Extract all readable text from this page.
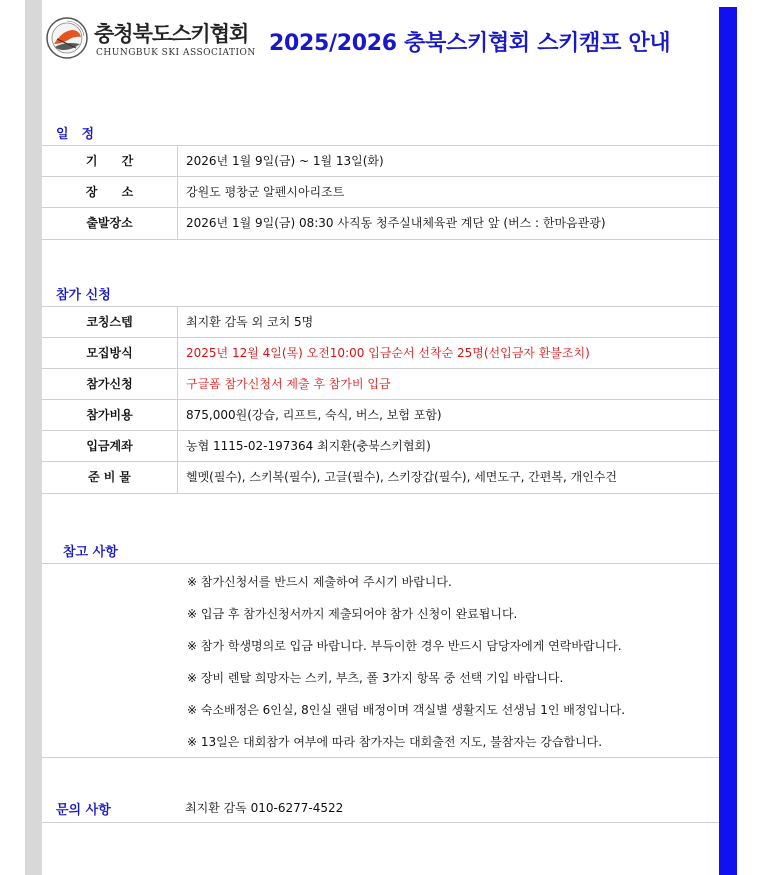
충청북도스키협회
CHUNGBUK SKI ASSOCIATION 2025/2026 충북스키협회 스키캠프 안내
일　정
기 간	2026년 1월 9일(금) ~ 1월 13일(화)
장 소	강원도 평창군 알펜시아리조트
출발장소	2026년 1월 9일(금) 08:30 사직동 청주실내체육관 계단 앞 (버스 : 한마음관광)
참가 신청
코칭스텝	최지환 감독 외 코치 5명
모집방식	2025년 12월 4일(목) 오전10:00 입금순서 선착순 25명(선입금자 환불조치)
참가신청	구글폼 참가신청서 제출 후 참가비 입금
참가비용	875,000원(강습, 리프트, 숙식, 버스, 보험 포함)
입금계좌	농협 1115-02-197364 최지환(충북스키협회)
준비물	헬멧(필수), 스키복(필수), 고글(필수), 스키장갑(필수), 세면도구, 간편복, 개인수건
참고 사항
※ 참가신청서를 반드시 제출하여 주시기 바랍니다.
※ 입금 후 참가신청서까지 제출되어야 참가 신청이 완료됩니다.
※ 참가 학생명의로 입금 바랍니다. 부득이한 경우 반드시 담당자에게 연락바랍니다.
※ 장비 렌탈 희망자는 스키, 부츠, 폴 3가지 항목 중 선택 기입 바랍니다.
※ 숙소배정은 6인실, 8인실 랜덤 배정이며 객실별 생활지도 선생님 1인 배정입니다.
※ 13일은 대회참가 여부에 따라 참가자는 대회출전 지도, 불참자는 강습합니다.
문의 사항	최지환 감독 010-6277-4522
